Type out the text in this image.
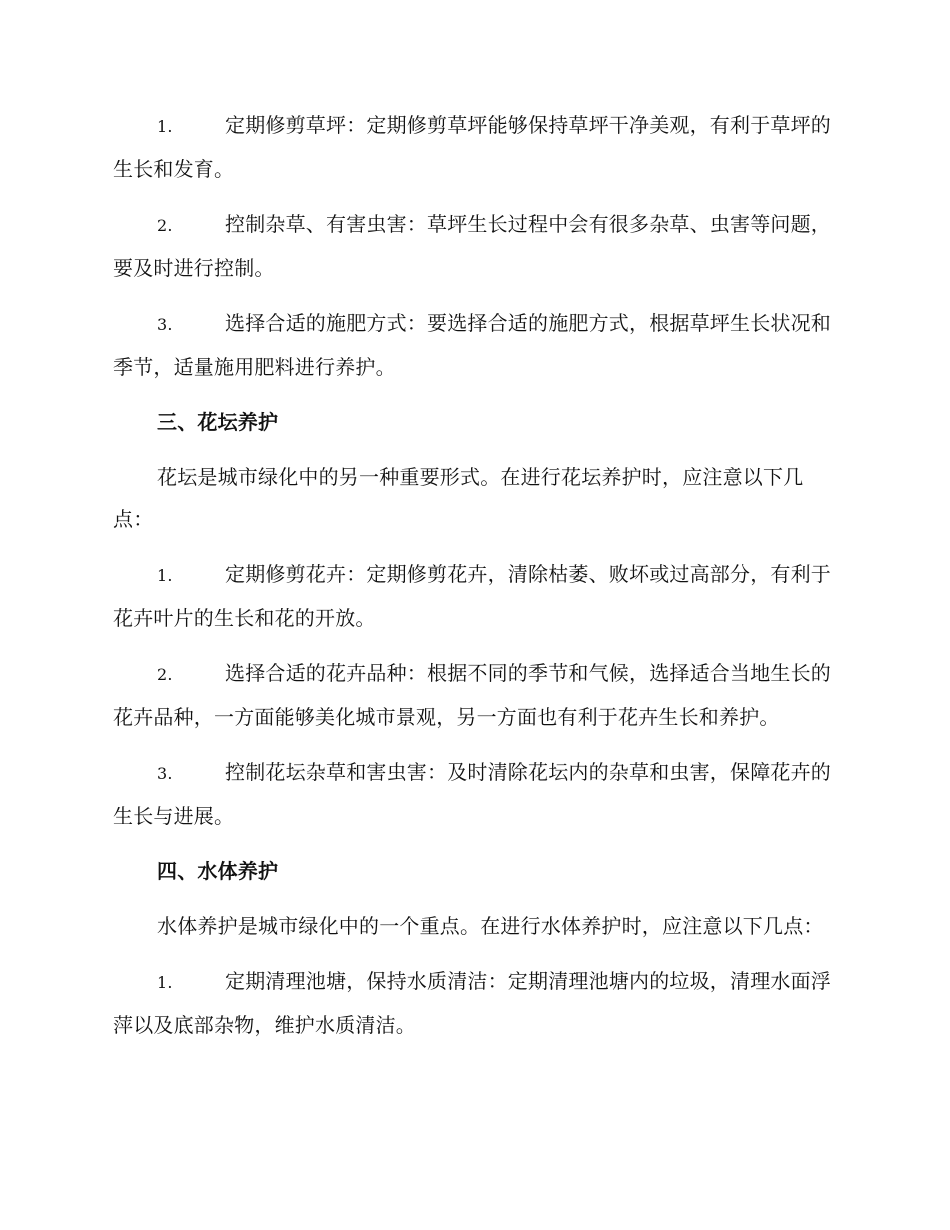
1.	定期修剪草坪：定期修剪草坪能够保持草坪干净美观，有利于草坪的生长和发育。

2.	控制杂草、有害虫害：草坪生长过程中会有很多杂草、虫害等问题，要及时进行控制。

3.	选择合适的施肥方式：要选择合适的施肥方式，根据草坪生长状况和季节，适量施用肥料进行养护。

三、花坛养护

花坛是城市绿化中的另一种重要形式。在进行花坛养护时，应注意以下几点：

1.	定期修剪花卉：定期修剪花卉，清除枯萎、败坏或过高部分，有利于花卉叶片的生长和花的开放。

2.	选择合适的花卉品种：根据不同的季节和气候，选择适合当地生长的花卉品种，一方面能够美化城市景观，另一方面也有利于花卉生长和养护。

3.	控制花坛杂草和害虫害：及时清除花坛内的杂草和虫害，保障花卉的生长与进展。

四、水体养护

水体养护是城市绿化中的一个重点。在进行水体养护时，应注意以下几点：

1.	定期清理池塘，保持水质清洁：定期清理池塘内的垃圾，清理水面浮萍以及底部杂物，维护水质清洁。
